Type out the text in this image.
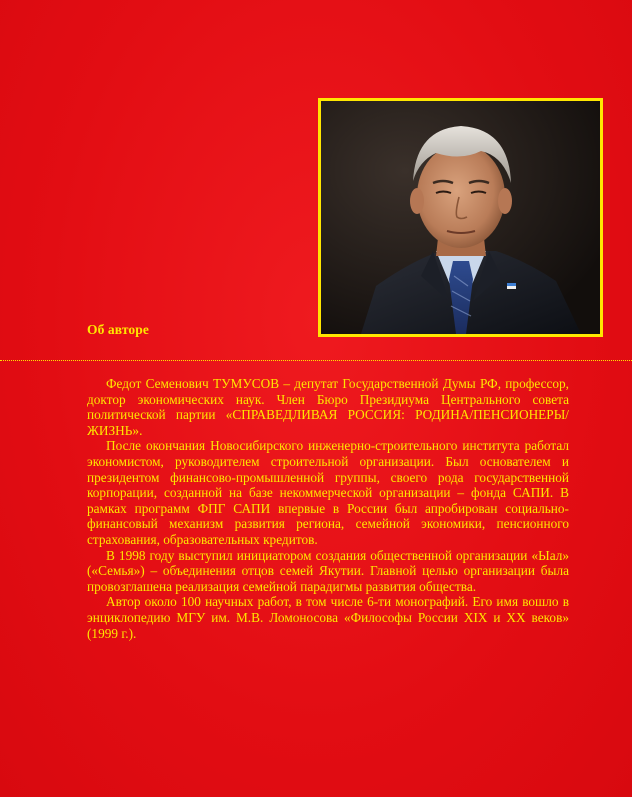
Об авторе

Федот Семенович ТУМУСОВ – депутат Государственной Думы РФ, профессор, доктор экономических наук. Член Бюро Президиума Центрального совета политической партии «СПРАВЕДЛИВАЯ РОССИЯ: РОДИНА/ПЕНСИОНЕРЫ/ЖИЗНЬ».

После окончания Новосибирского инженерно-строительного института работал экономистом, руководителем строительной организации. Был основателем и президентом финансово-промышленной группы, своего рода государственной корпорации, созданной на базе некоммерческой организации – фонда САПИ. В рамках программ ФПГ САПИ впервые в России был апробирован социально-финансовый механизм развития региона, семейной экономики, пенсионного страхования, образовательных кредитов.

В 1998 году выступил инициатором создания общественной организации «Ыал» («Семья») – объединения отцов семей Якутии. Главной целью организации была провозглашена реализация семейной парадигмы развития общества.

Автор около 100 научных работ, в том числе 6-ти монографий. Его имя вошло в энциклопедию МГУ им. М.В. Ломоносова «Философы России XIX и XX веков» (1999 г.).
